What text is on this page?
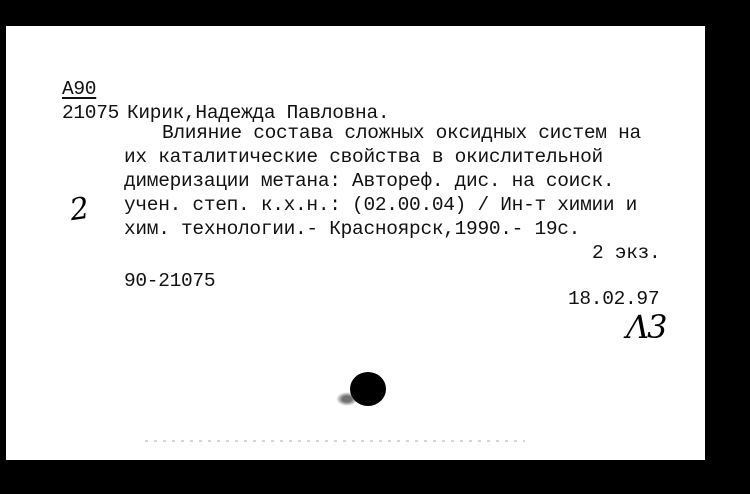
А90
21075 Кирик,Надежда Павловна.
Влияние состава сложных оксидных систем на
их каталитические свойства в окислительной
димеризации метана: Автореф. дис. на соиск.
учен. степ. к.х.н.: (02.00.04) / Ин-т химии и
хим. технологии.- Красноярск,1990.- 19с.
2 экз.
90-21075
18.02.97
2
Λ3
